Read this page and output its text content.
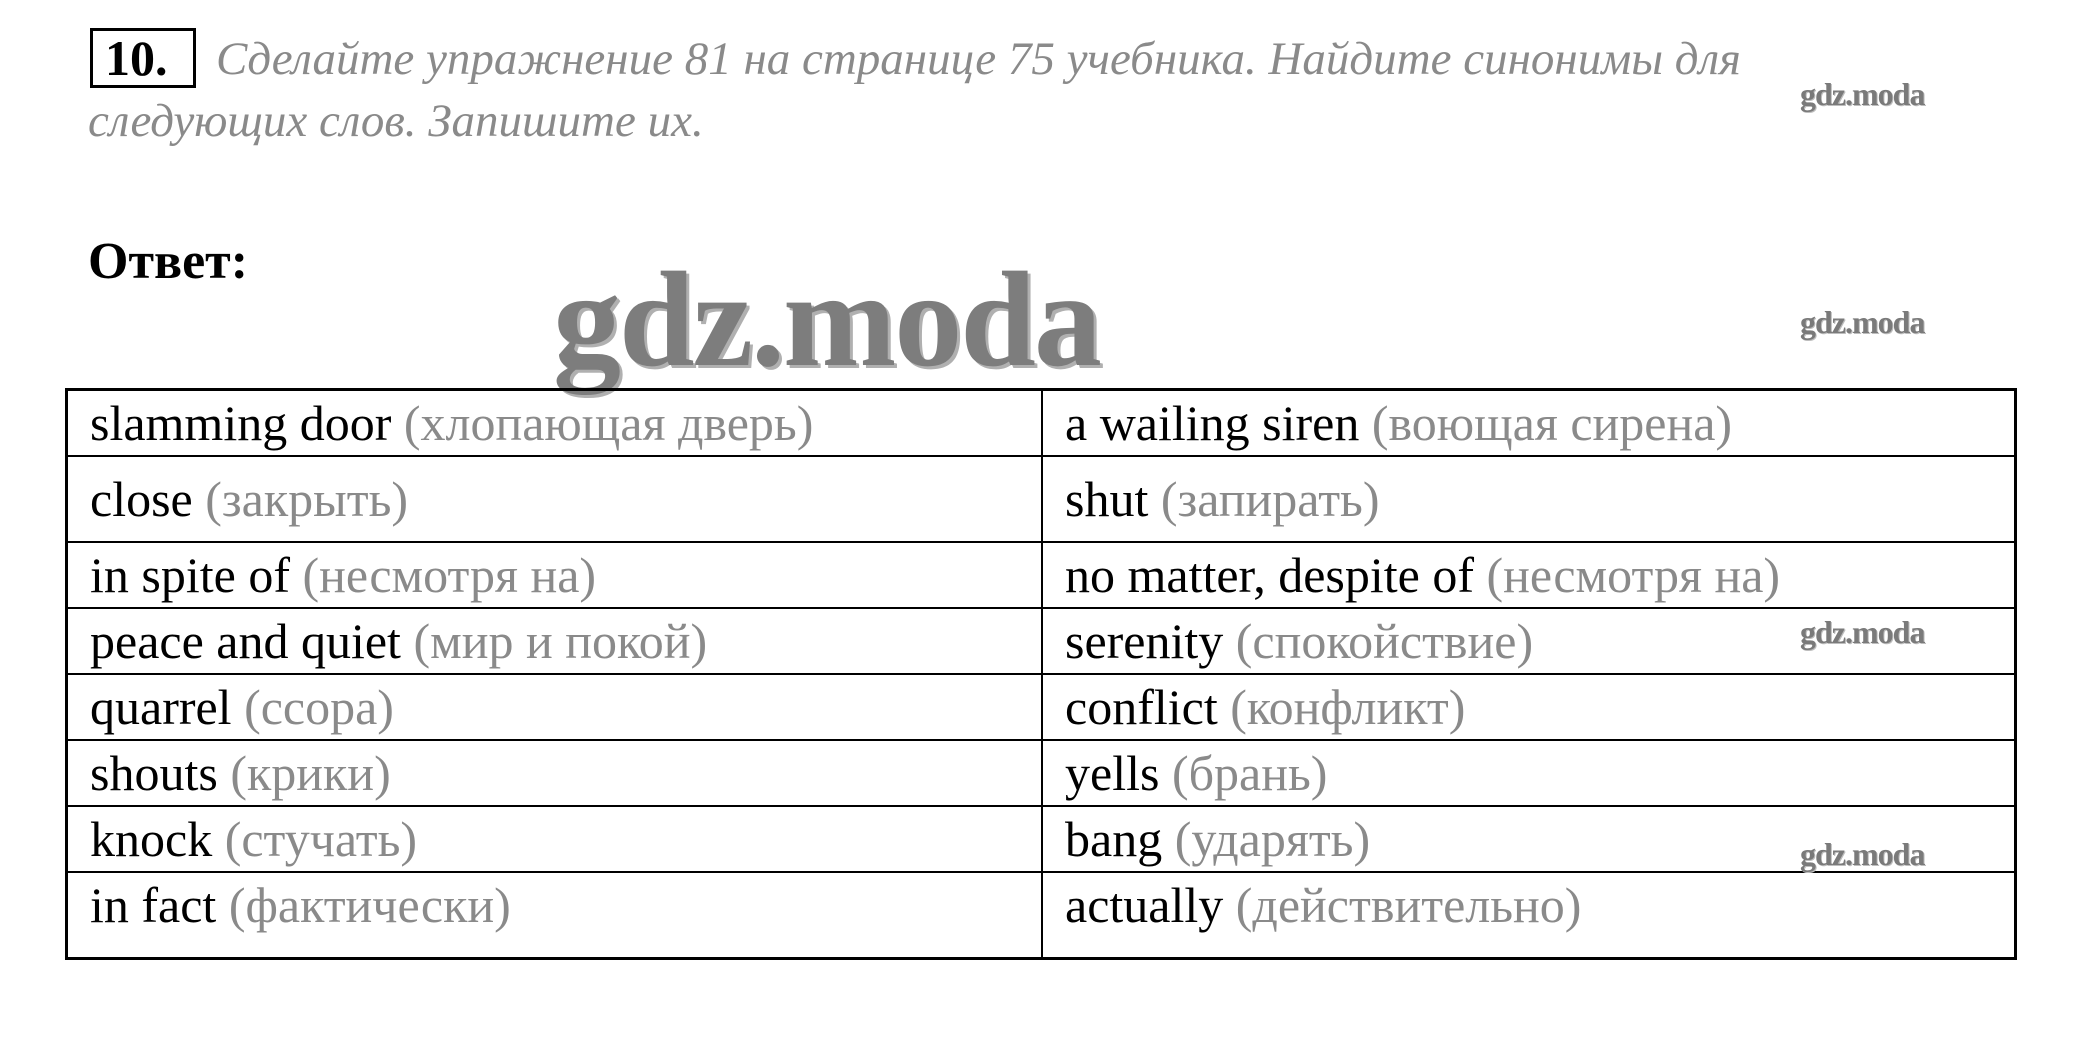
10.	Сделайте упражнение 81 на странице 75 учебника. Найдите синонимы для следующих слов. Запишите их.

gdz.moda

Ответ: gdz.moda	gdz.moda
slamming door (хлопающая дверь)	a wailing siren (воющая сирена)
close (закрыть)	shut (запирать)
in spite of (несмотря на)	no matter, despite of (несмотря на)
peace and quiet (мир и покой)	serenity (спокойствие)
quarrel (ссора)	conflict (конфликт)
shouts (крики)	yells (брань)
knock (стучать)	bang (ударять)
in fact (фактически)	actually (действительно)
gdz.moda
gdz.moda
